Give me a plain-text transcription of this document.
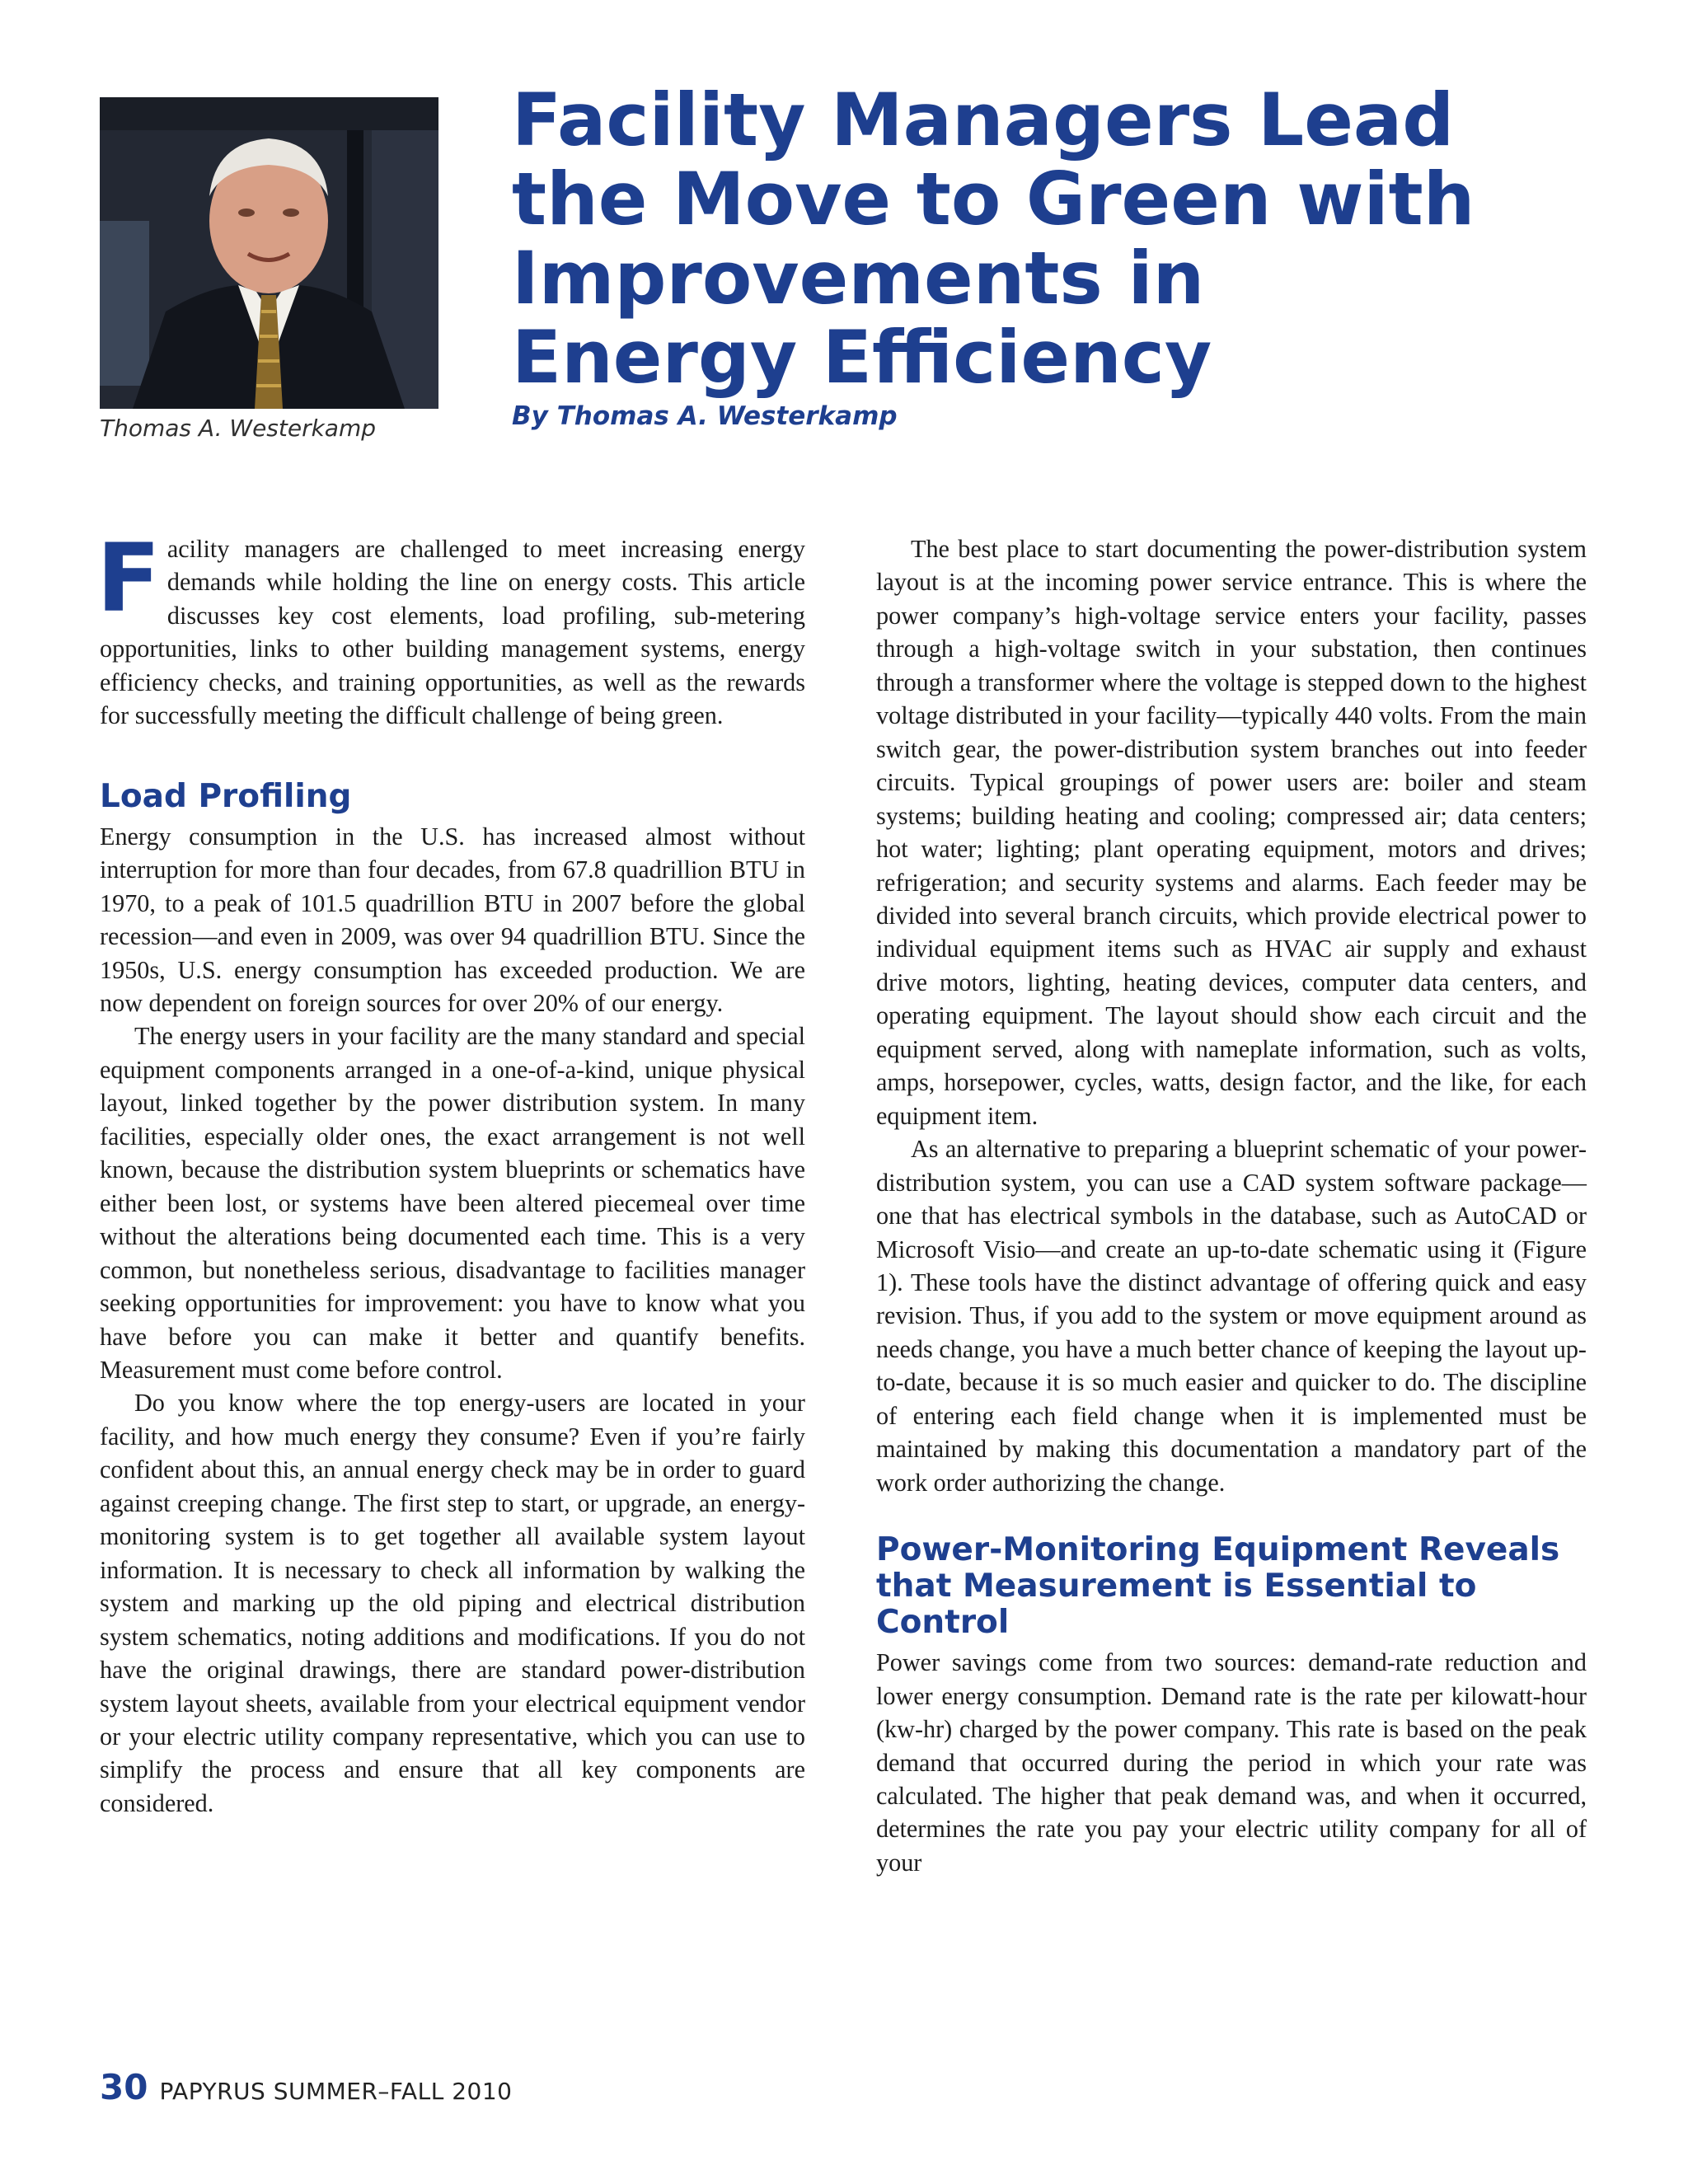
Thomas A. Westerkamp
Facility Managers Lead the Move to Green with Improvements in Energy Efficiency
By Thomas A. Westerkamp

Facility managers are challenged to meet increasing energy demands while holding the line on energy costs. This article discusses key cost elements, load profiling, sub-metering opportunities, links to other building management systems, energy efficiency checks, and training opportunities, as well as the rewards for successfully meeting the difficult challenge of being green.

Load Profiling

Energy consumption in the U.S. has increased almost without interruption for more than four decades, from 67.8 quadrillion BTU in 1970, to a peak of 101.5 quadrillion BTU in 2007 before the global recession—and even in 2009, was over 94 quadrillion BTU. Since the 1950s, U.S. energy consumption has exceeded production. We are now dependent on foreign sources for over 20% of our energy.

The energy users in your facility are the many standard and special equipment components arranged in a one-of-a-kind, unique physical layout, linked together by the power distribution system. In many facilities, especially older ones, the exact arrangement is not well known, because the distribution system blueprints or schematics have either been lost, or systems have been altered piecemeal over time without the alterations being documented each time. This is a very common, but nonetheless serious, disadvantage to facilities manager seeking opportunities for improvement: you have to know what you have before you can make it better and quantify benefits. Measurement must come before control.

Do you know where the top energy-users are located in your facility, and how much energy they consume? Even if you’re fairly confident about this, an annual energy check may be in order to guard against creeping change. The first step to start, or upgrade, an energy-monitoring system is to get together all available system layout information. It is necessary to check all information by walking the system and marking up the old piping and electrical distribution system schematics, noting additions and modifications. If you do not have the original drawings, there are standard power-distribution system layout sheets, available from your electrical equipment vendor or your electric utility company representative, which you can use to simplify the process and ensure that all key components are considered.

The best place to start documenting the power-distribution system layout is at the incoming power service entrance. This is where the power company’s high-voltage service enters your facility, passes through a high-voltage switch in your substation, then continues through a transformer where the voltage is stepped down to the highest voltage distributed in your facility—typically 440 volts. From the main switch gear, the power-distribution system branches out into feeder circuits. Typical groupings of power users are: boiler and steam systems; building heating and cooling; compressed air; data centers; hot water; lighting; plant operating equipment, motors and drives; refrigeration; and security systems and alarms. Each feeder may be divided into several branch circuits, which provide electrical power to individual equipment items such as HVAC air supply and exhaust drive motors, lighting, heating devices, computer data centers, and operating equipment. The layout should show each circuit and the equipment served, along with nameplate information, such as volts, amps, horsepower, cycles, watts, design factor, and the like, for each equipment item.

As an alternative to preparing a blueprint schematic of your power-distribution system, you can use a CAD system software package—one that has electrical symbols in the database, such as AutoCAD or Microsoft Visio—and create an up-to-date schematic using it (Figure 1). These tools have the distinct advantage of offering quick and easy revision. Thus, if you add to the system or move equipment around as needs change, you have a much better chance of keeping the layout up-to-date, because it is so much easier and quicker to do. The discipline of entering each field change when it is implemented must be maintained by making this documentation a mandatory part of the work order authorizing the change.

Power-Monitoring Equipment Reveals that Measurement is Essential to Control

Power savings come from two sources: demand-rate reduction and lower energy consumption. Demand rate is the rate per kilowatt-hour (kw-hr) charged by the power company. This rate is based on the peak demand that occurred during the period in which your rate was calculated. The higher that peak demand was, and when it occurred, determines the rate you pay your electric utility company for all of your

30 PAPYRUS SUMMER–FALL 2010
